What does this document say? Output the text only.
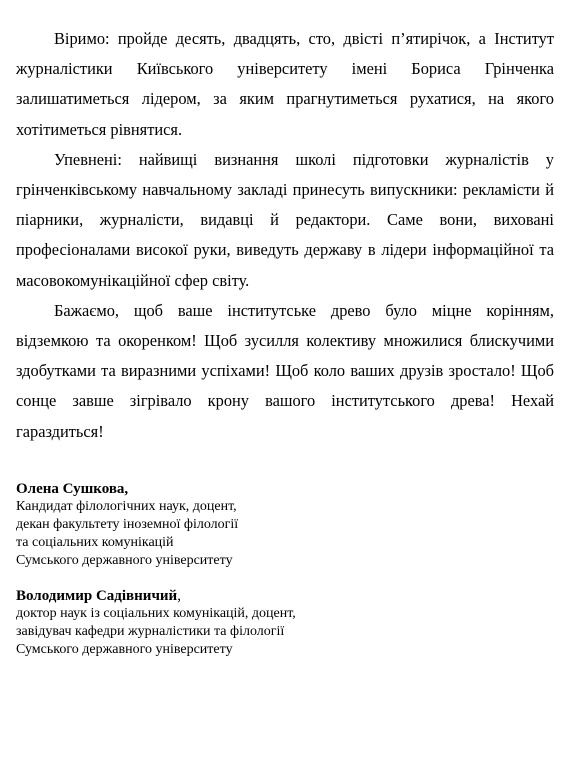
Віримо: пройде десять, двадцять, сто, двісті п’ятирічок, а Інститут журналістики Київського університету імені Бориса Грінченка залишатиметься лідером, за яким прагнутиметься рухатися, на якого хотітиметься рівнятися.

Упевнені: найвищі визнання школі підготовки журналістів у грінченківському навчальному закладі принесуть випускники: рекламісти й піарники, журналісти, видавці й редактори. Саме вони, виховані професіоналами високої руки, виведуть державу в лідери інформаційної та масовокомунікаційної сфер світу.

Бажаємо, щоб ваше інститутське древо було міцне корінням, відземкою та окоренком! Щоб зусилля колективу множилися блискучими здобутками та виразними успіхами! Щоб коло ваших друзів зростало! Щоб сонце завше зігрівало крону вашого інститутського древа! Нехай гараздиться!

Олена Сушкова,
Кандидат філологічних наук, доцент,
декан факультету іноземної філології
та соціальних комунікацій
Сумського державного університету
Володимир Садівничий,
доктор наук із соціальних комунікацій, доцент,
завідувач кафедри журналістики та філології
Сумського державного університету
